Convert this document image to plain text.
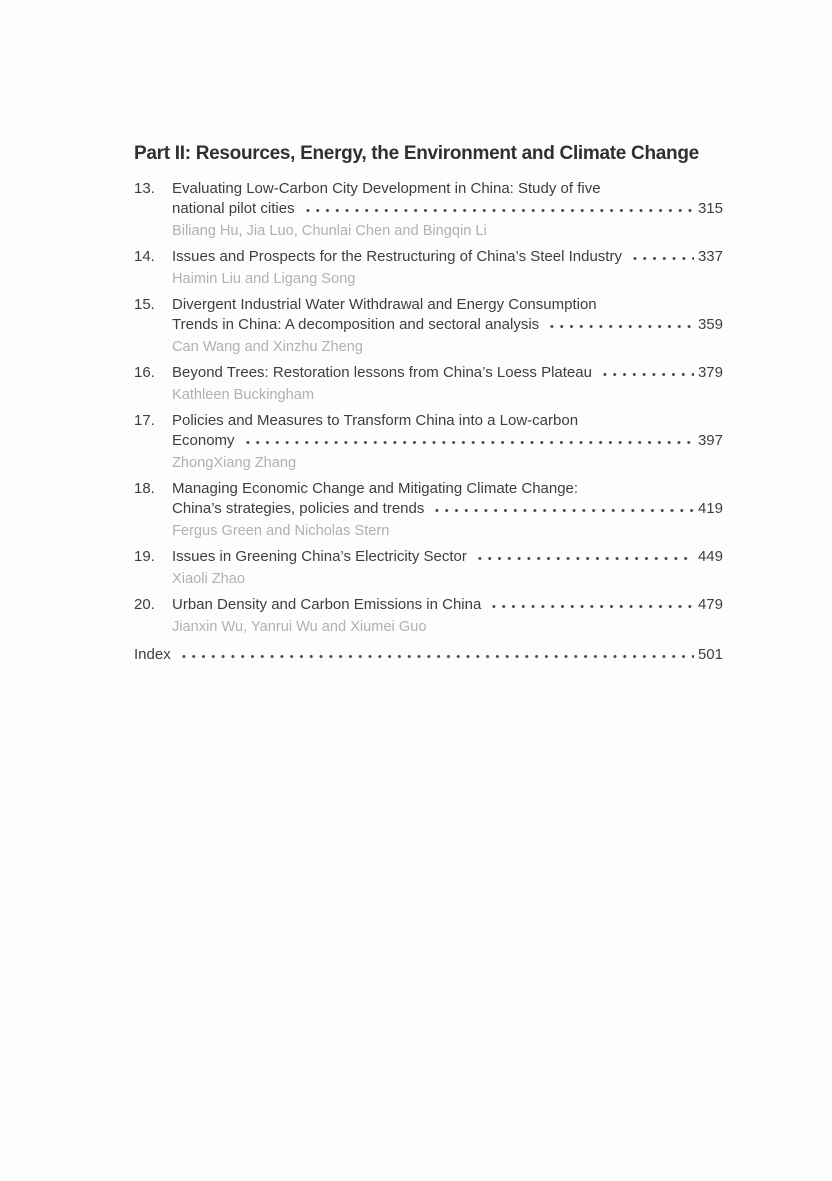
Part II: Resources, Energy, the Environment and Climate Change
13. Evaluating Low-Carbon City Development in China: Study of five
national pilot cities	315
Biliang Hu, Jia Luo, Chunlai Chen and Bingqin Li
14. Issues and Prospects for the Restructuring of China’s Steel Industry	337
Haimin Liu and Ligang Song
15. Divergent Industrial Water Withdrawal and Energy Consumption
Trends in China: A decomposition and sectoral analysis	359
Can Wang and Xinzhu Zheng
16. Beyond Trees: Restoration lessons from China’s Loess Plateau	379
Kathleen Buckingham
17. Policies and Measures to Transform China into a Low-carbon
Economy	397
ZhongXiang Zhang
18. Managing Economic Change and Mitigating Climate Change:
China’s strategies, policies and trends	419
Fergus Green and Nicholas Stern
19. Issues in Greening China’s Electricity Sector	449
Xiaoli Zhao
20. Urban Density and Carbon Emissions in China	479
Jianxin Wu, Yanrui Wu and Xiumei Guo
Index	501
